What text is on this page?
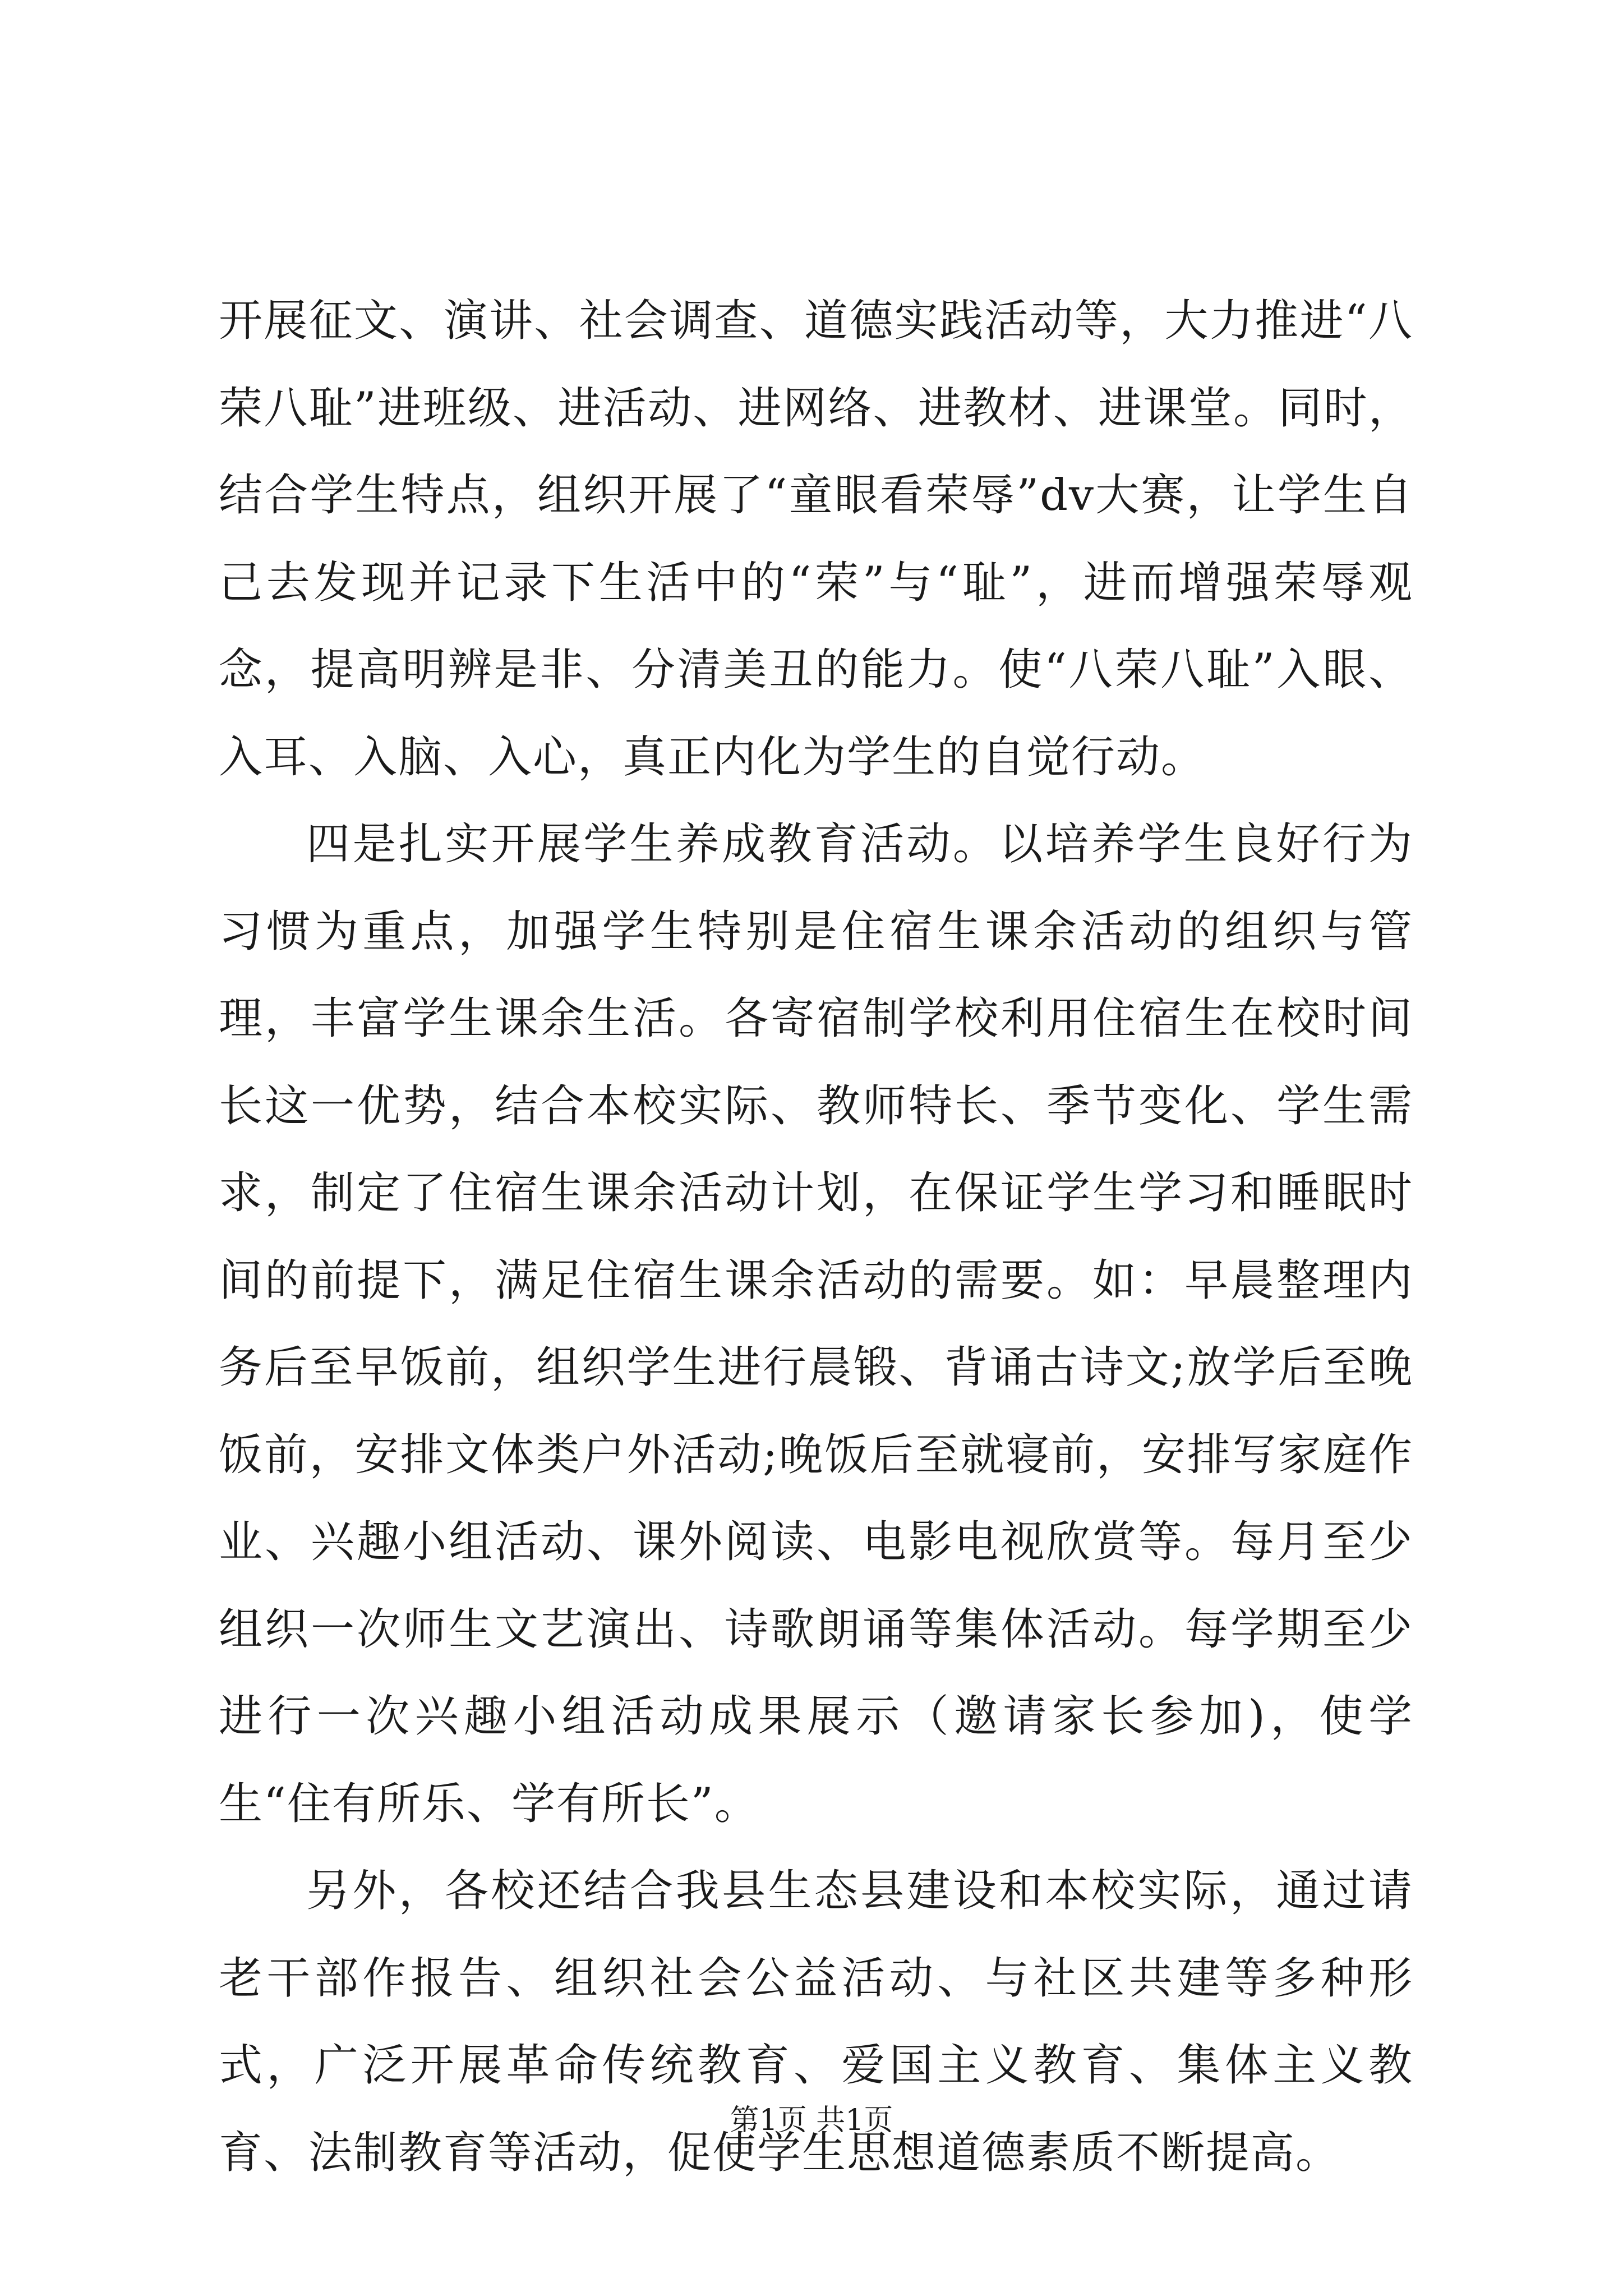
开展征文、演讲、社会调查、道德实践活动等，大力推进“八荣八耻”进班级、进活动、进网络、进教材、进课堂。同时，结合学生特点，组织开展了“童眼看荣辱”dv大赛，让学生自己去发现并记录下生活中的“荣”与“耻”，进而增强荣辱观念，提高明辨是非、分清美丑的能力。使“八荣八耻”入眼、入耳、入脑、入心，真正内化为学生的自觉行动。

四是扎实开展学生养成教育活动。以培养学生良好行为习惯为重点，加强学生特别是住宿生课余活动的组织与管理，丰富学生课余生活。各寄宿制学校利用住宿生在校时间长这一优势，结合本校实际、教师特长、季节变化、学生需求，制定了住宿生课余活动计划，在保证学生学习和睡眠时间的前提下，满足住宿生课余活动的需要。如：早晨整理内务后至早饭前，组织学生进行晨锻、背诵古诗文;放学后至晚饭前，安排文体类户外活动;晚饭后至就寝前，安排写家庭作业、兴趣小组活动、课外阅读、电影电视欣赏等。每月至少组织一次师生文艺演出、诗歌朗诵等集体活动。每学期至少进行一次兴趣小组活动成果展示（邀请家长参加)，使学生“住有所乐、学有所长”。

另外，各校还结合我县生态县建设和本校实际，通过请老干部作报告、组织社会公益活动、与社区共建等多种形式，广泛开展革命传统教育、爱国主义教育、集体主义教育、法制教育等活动，促使学生思想道德素质不断提高。

第1页 共1页
